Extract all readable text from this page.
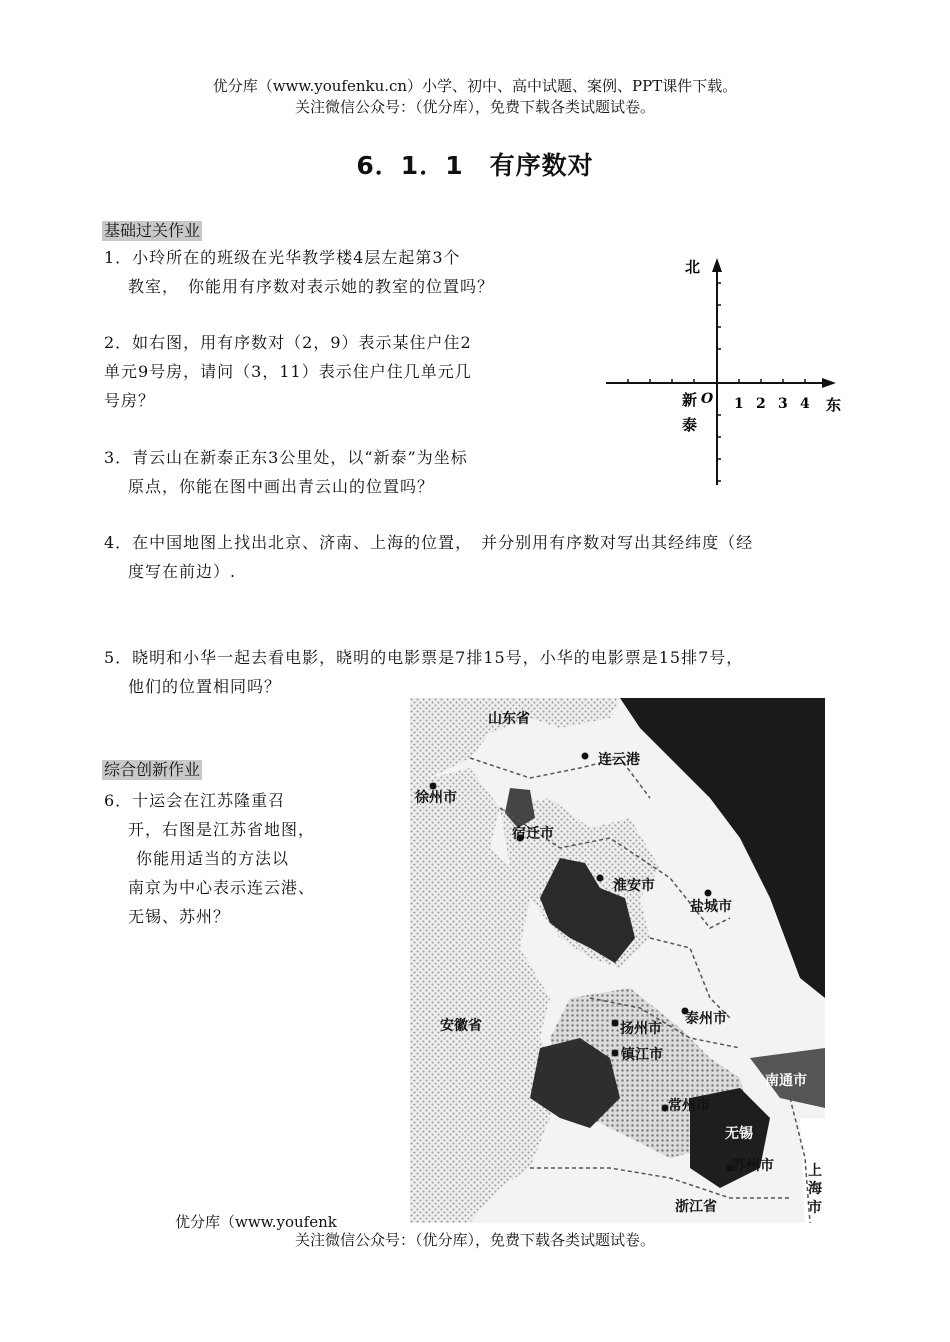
优分库（www.youfenku.cn）小学、初中、高中试题、案例、PPT课件下载。
关注微信公众号：（优分库），免费下载各类试题试卷。
6．1．1　有序数对
基础过关作业

1．小玲所在的班级在光华教学楼4层左起第3个

教室，　你能用有序数对表示她的教室的位置吗？

2．如右图，用有序数对（2，9）表示某住户住2

单元9号房，请问（3，11）表示住户住几单元几

号房？

3．青云山在新泰正东3公里处，以“新泰”为坐标

原点，你能在图中画出青云山的位置吗？

北
东
O
新
泰
1 2 3 4

4．在中国地图上找出北京、济南、上海的位置，　并分别用有序数对写出其经纬度（经

度写在前边）.

5．晓明和小华一起去看电影，晓明的电影票是7排15号，小华的电影票是15排7号，

他们的位置相同吗？

综合创新作业

6．十运会在江苏隆重召

开，右图是江苏省地图，

你能用适当的方法以

南京为中心表示连云港、

无锡、苏州？

山东省
连云港
徐州市
宿迁市
淮安市
盐城市
安徽省	扬州市
泰州市
镇江市
南通市
常州市
无锡
苏州市 上
海
市
浙江省
优分库（www.youfenk
关注微信公众号：（优分库），免费下载各类试题试卷。
